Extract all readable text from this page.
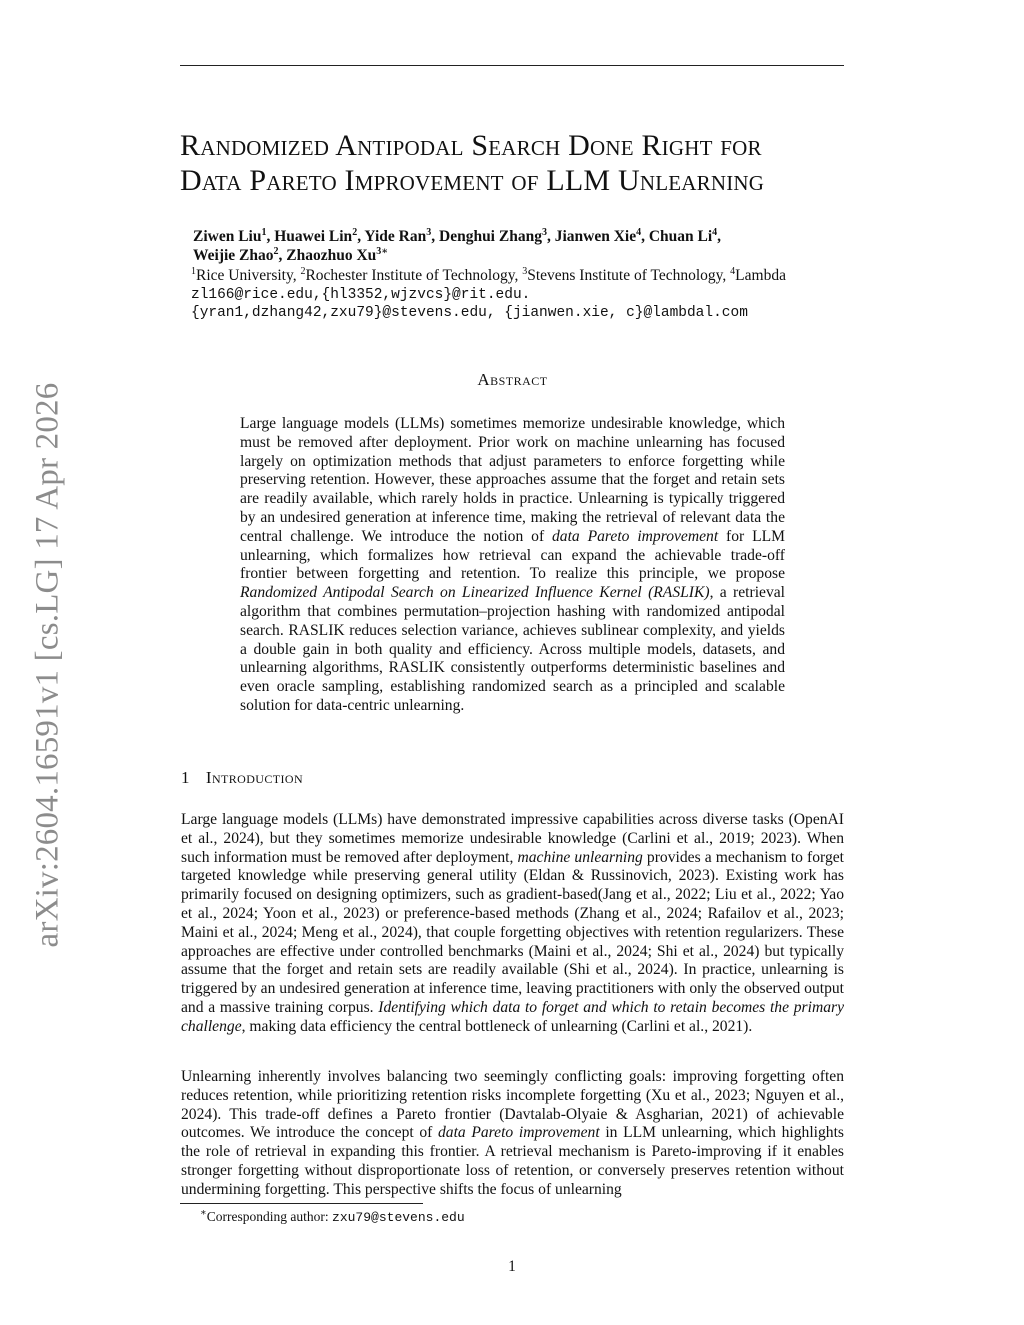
arXiv:2604.16591v1 [cs.LG] 17 Apr 2026
Randomized Antipodal Search Done Right for
Data Pareto Improvement of LLM Unlearning
Ziwen Liu$^1$, Huawei Lin$^2$, Yide Ran$^3$, Denghui Zhang$^3$, Jianwen Xie$^4$, Chuan Li$^4$,
Weijie Zhao$^2$, Zhaozhuo $Xu^{3∗}$
$^1$Rice University, $^2$Rochester Institute of Technology, $^3$Stevens Institute of Technology, $^4$Lambda
zl166@rice.edu,{hl3352,wjzvcs}@rit.edu.
{yran1,dzhang42,zxu79}@stevens.edu, {jianwen.xie, c}@lambdal.com
Abstract
Large language models (LLMs) sometimes memorize undesirable knowledge, which must be removed after deployment. Prior work on machine unlearning has focused largely on optimization methods that adjust parameters to enforce forgetting while preserving retention. However, these approaches assume that the forget and retain sets are readily available, which rarely holds in practice. Unlearning is typically triggered by an undesired generation at inference time, making the retrieval of relevant data the central challenge. We introduce the notion of data Pareto improvement for LLM unlearning, which formalizes how retrieval can expand the achievable trade-off frontier between forgetting and retention. To realize this principle, we propose Randomized Antipodal Search on Linearized Influence Kernel (RASLIK), a retrieval algorithm that combines permutation–projection hashing with randomized antipodal search. RASLIK reduces selection variance, achieves sublinear complexity, and yields a double gain in both quality and efficiency. Across multiple models, datasets, and unlearning algorithms, RASLIK consistently outperforms deterministic baselines and even oracle sampling, establishing randomized search as a principled and scalable solution for data-centric unlearning.
1 Introduction
Large language models (LLMs) have demonstrated impressive capabilities across diverse tasks (OpenAI et al., 2024), but they sometimes memorize undesirable knowledge (Carlini et al., 2019; 2023). When such information must be removed after deployment, machine unlearning provides a mechanism to forget targeted knowledge while preserving general utility (Eldan & Russinovich, 2023). Existing work has primarily focused on designing optimizers, such as gradient-based(Jang et al., 2022; Liu et al., 2022; Yao et al., 2024; Yoon et al., 2023) or preference-based methods (Zhang et al., 2024; Rafailov et al., 2023; Maini et al., 2024; Meng et al., 2024), that couple forgetting objectives with retention regularizers. These approaches are effective under controlled benchmarks (Maini et al., 2024; Shi et al., 2024) but typically assume that the forget and retain sets are readily available (Shi et al., 2024). In practice, unlearning is triggered by an undesired generation at inference time, leaving practitioners with only the observed output and a massive training corpus. Identifying which data to forget and which to retain becomes the primary challenge, making data efficiency the central bottleneck of unlearning (Carlini et al., 2021).
Unlearning inherently involves balancing two seemingly conflicting goals: improving forgetting often reduces retention, while prioritizing retention risks incomplete forgetting (Xu et al., 2023; Nguyen et al., 2024). This trade-off defines a Pareto frontier (Davtalab-Olyaie & Asgharian, 2021) of achievable outcomes. We introduce the concept of data Pareto improvement in LLM unlearning, which highlights the role of retrieval in expanding this frontier. A retrieval mechanism is Pareto-improving if it enables stronger forgetting without disproportionate loss of retention, or conversely preserves retention without undermining forgetting. This perspective shifts the focus of unlearning
∗Corresponding author: zxu79@stevens.edu
1
